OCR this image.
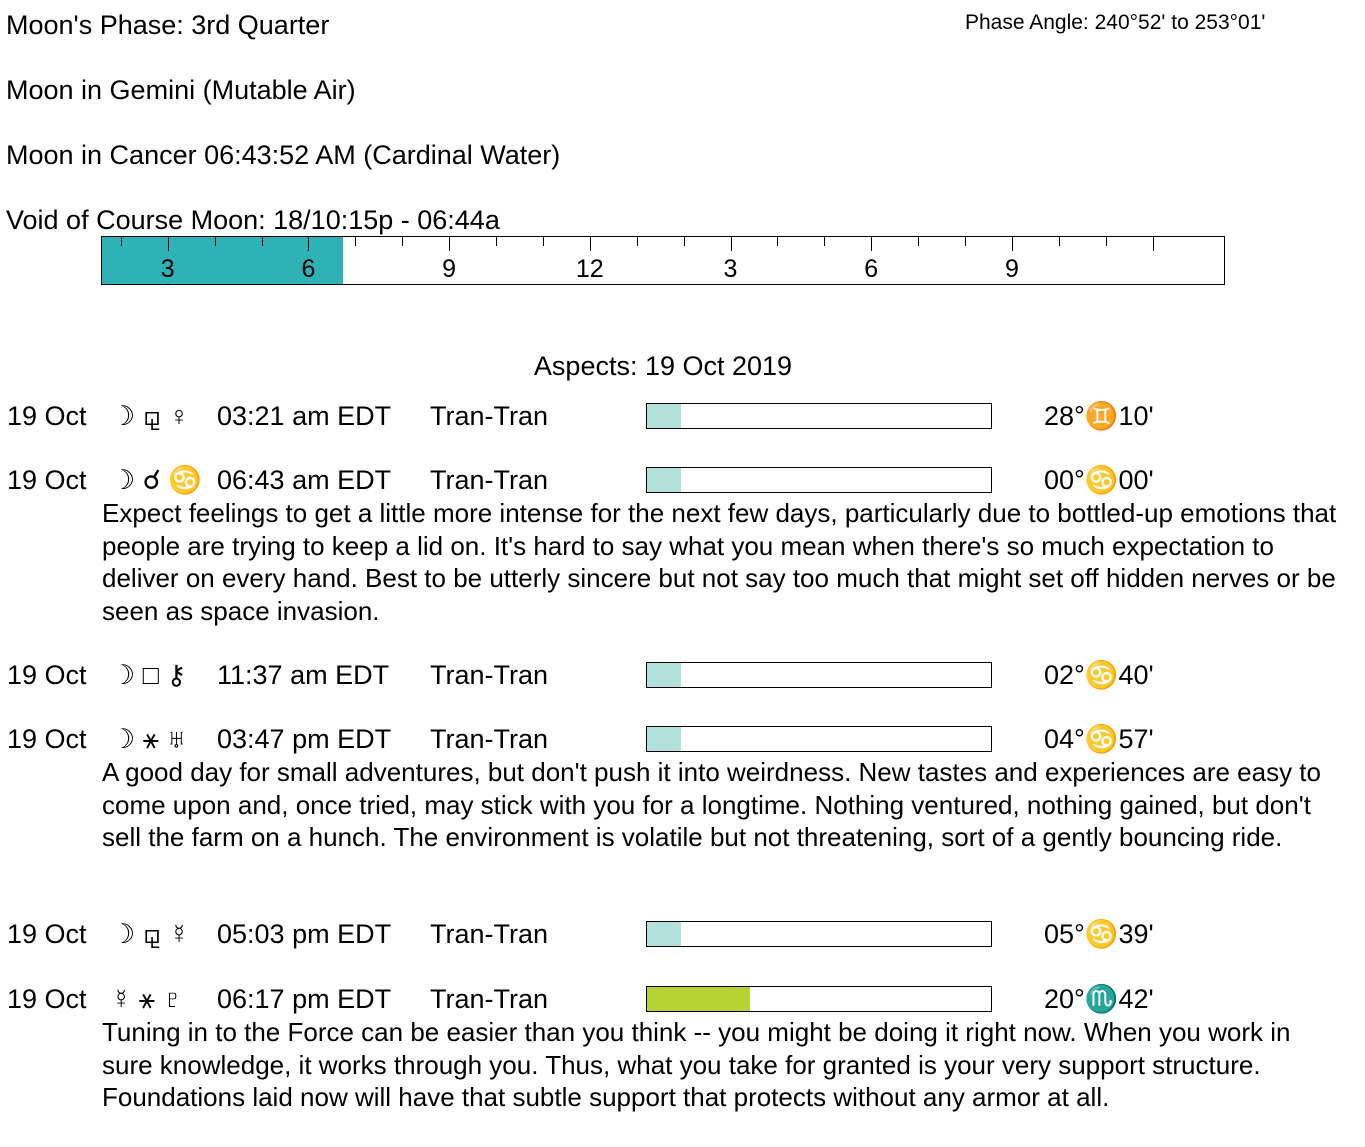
Moon's Phase: 3rd Quarter	Phase Angle: 240°52' to 253°01'
Moon in Gemini (Mutable Air)
Moon in Cancer 06:43:52 AM (Cardinal Water)
Void of Course Moon: 18/10:15p - 06:44a
3	6	9	12	3	6	9
Aspects: 19 Oct 2019
19 Oct ☽ ⚼ ♀ 03:21 am EDT Tran-Tran	28°♊10'
19 Oct ☽ ☌ ♋ 06:43 am EDT Tran-Tran	00°♋00'
Expect feelings to get a little more intense for the next few days, particularly due to bottled-up emotions that people are trying to keep a lid on. It's hard to say what you mean when there's so much expectation to deliver on every hand. Best to be utterly sincere but not say too much that might set off hidden nerves or be seen as space invasion.
19 Oct ☽ □ ⚷ 11:37 am EDT Tran-Tran	02°♋40'
19 Oct ☽ ⚹ ♅ 03:47 pm EDT Tran-Tran	04°♋57'
A good day for small adventures, but don't push it into weirdness. New tastes and experiences are easy to come upon and, once tried, may stick with you for a longtime. Nothing ventured, nothing gained, but don't sell the farm on a hunch. The environment is volatile but not threatening, sort of a gently bouncing ride.
19 Oct ☽ ⚼ ☿ 05:03 pm EDT Tran-Tran	05°♋39'
19 Oct ☿ ⚹ ♇ 06:17 pm EDT Tran-Tran	20°♏42'
Tuning in to the Force can be easier than you think -- you might be doing it right now. When you work in sure knowledge, it works through you. Thus, what you take for granted is your very support structure. Foundations laid now will have that subtle support that protects without any armor at all.
